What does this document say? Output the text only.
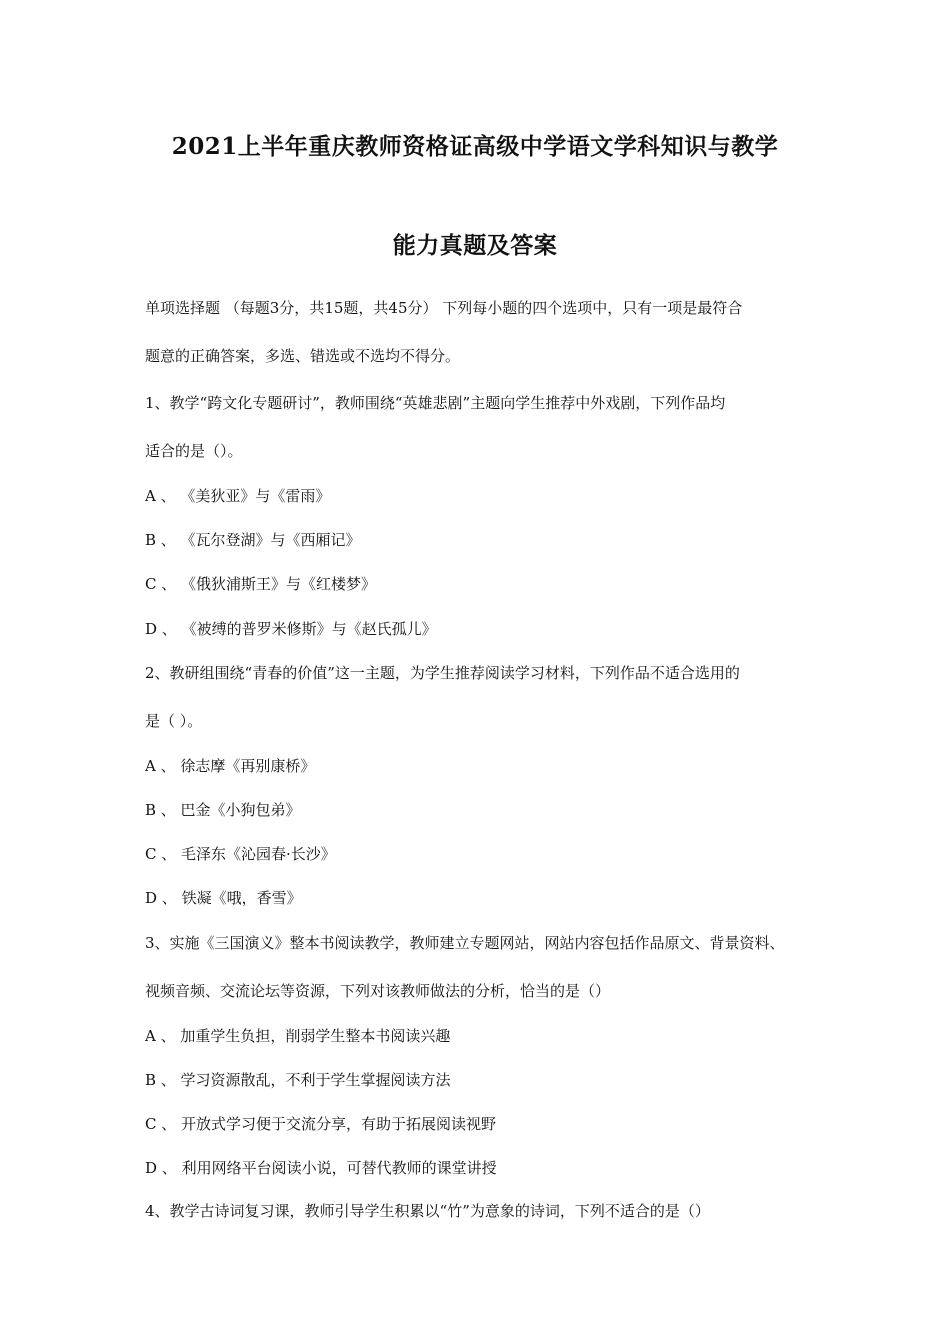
2021上半年重庆教师资格证高级中学语文学科知识与教学
能力真题及答案
单项选择题 （每题3分，共15题，共45分） 下列每小题的四个选项中，只有一项是最符合
题意的正确答案，多选、错选或不选均不得分。
1、教学“跨文化专题研讨”，教师围绕“英雄悲剧”主题向学生推荐中外戏剧，下列作品均
适合的是（）。
A 、 《美狄亚》与《雷雨》
B 、 《瓦尔登湖》与《西厢记》
C 、 《俄狄浦斯王》与《红楼梦》
D 、 《被缚的普罗米修斯》与《赵氏孤儿》
2、教研组围绕“青春的价值”这一主题，为学生推荐阅读学习材料，下列作品不适合选用的
是（ ）。
A 、 徐志摩《再别康桥》
B 、 巴金《小狗包弟》
C 、 毛泽东《沁园春·长沙》
D 、 铁凝《哦，香雪》
3、实施《三国演义》整本书阅读教学，教师建立专题网站，网站内容包括作品原文、背景资料、
视频音频、交流论坛等资源，下列对该教师做法的分析，恰当的是（）
A 、 加重学生负担，削弱学生整本书阅读兴趣
B 、 学习资源散乱，不利于学生掌握阅读方法
C 、 开放式学习便于交流分享，有助于拓展阅读视野
D 、 利用网络平台阅读小说，可替代教师的课堂讲授
4、教学古诗词复习课，教师引导学生积累以“竹”为意象的诗词，下列不适合的是（）
